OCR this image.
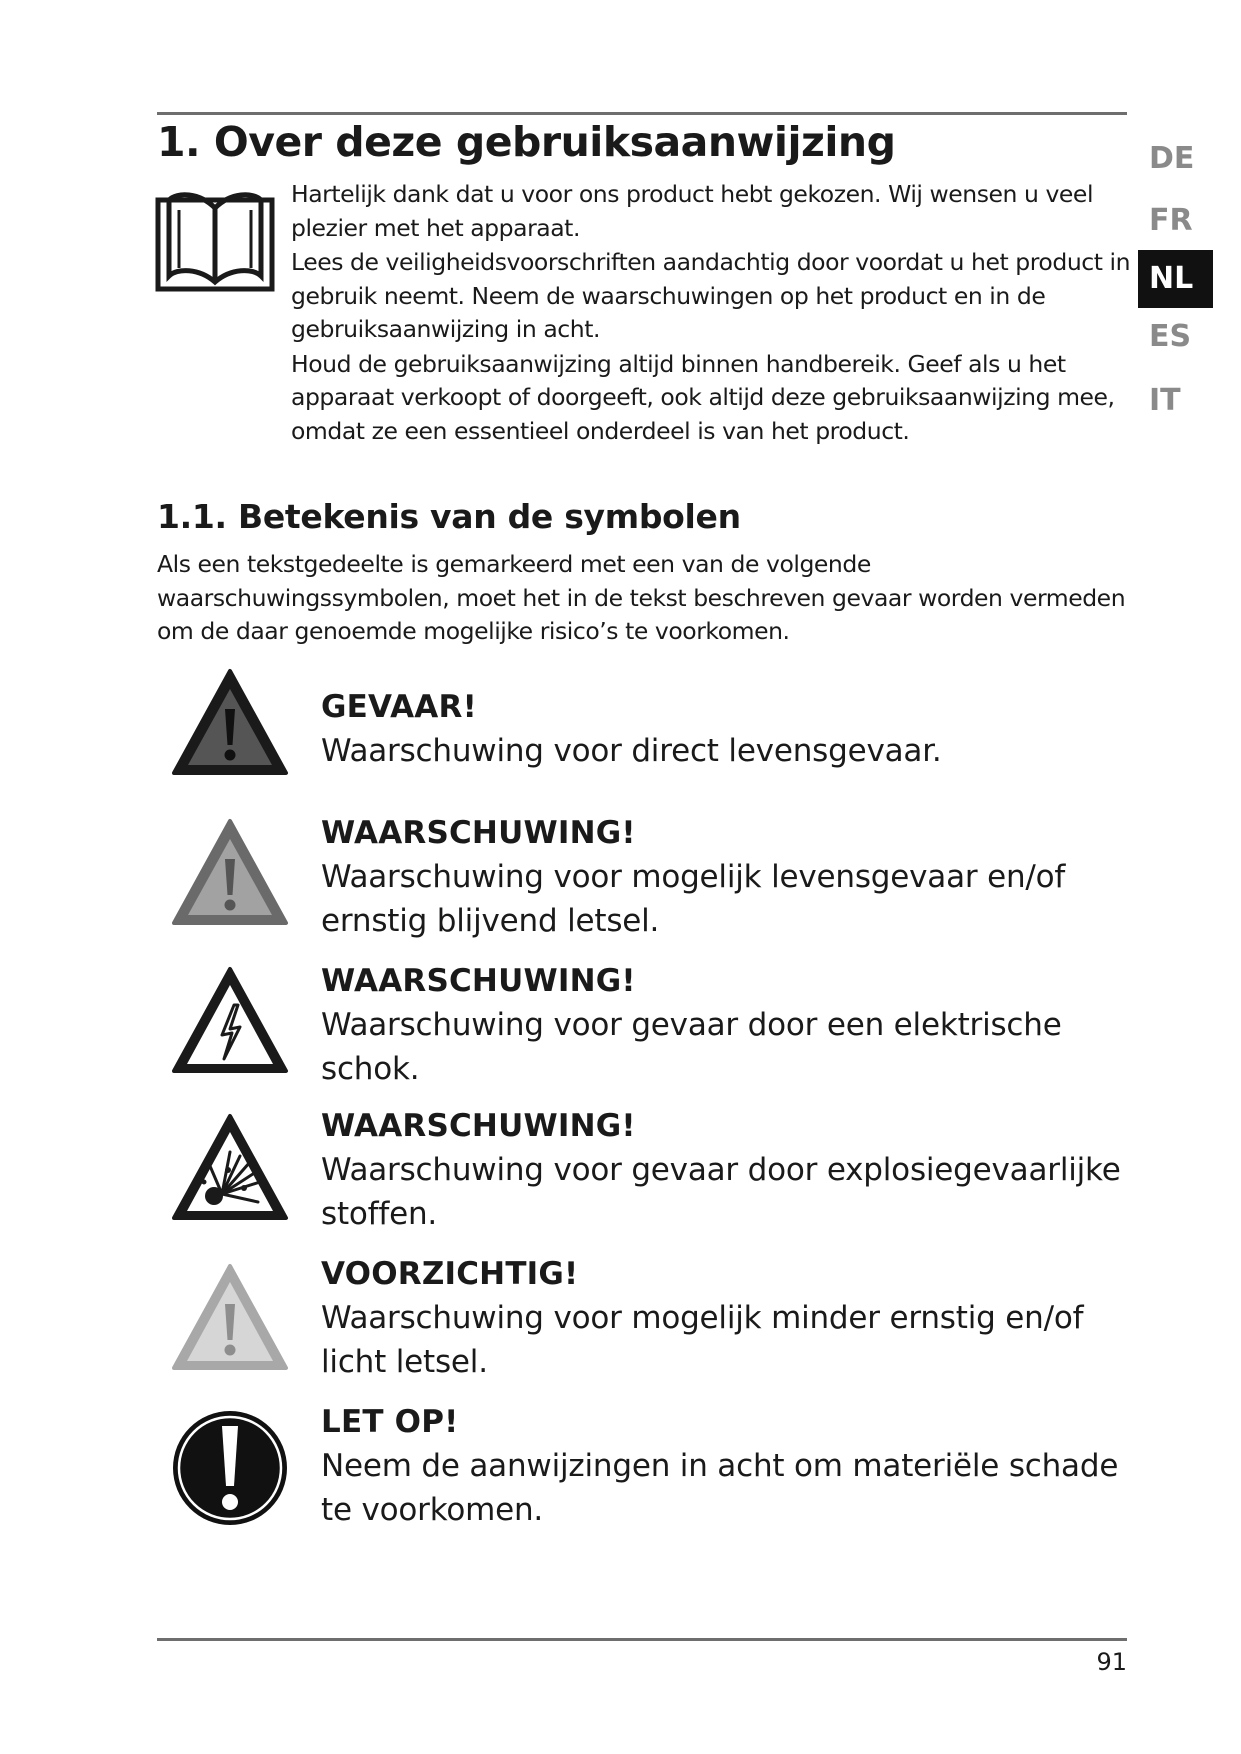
1. Over deze gebruiksaanwijzing

Hartelijk dank dat u voor ons product hebt gekozen. Wij wensen u veel plezier met het apparaat.

Lees de veiligheidsvoorschriften aandachtig door voordat u het product in gebruik neemt. Neem de waarschuwingen op het product en in de gebruiksaanwijzing in acht.

Houd de gebruiksaanwijzing altijd binnen handbereik. Geef als u het apparaat verkoopt of doorgeeft, ook altijd deze gebruiksaanwijzing mee, omdat ze een essentieel onderdeel is van het product.

DE
FR
NL
ES
IT
1.1. Betekenis van de symbolen

Als een tekstgedeelte is gemarkeerd met een van de volgende waarschuwingssymbolen, moet het in de tekst beschreven gevaar worden vermeden om de daar genoemde mogelijke risico’s te voorkomen.

GEVAAR!

Waarschuwing voor direct levensgevaar.

WAARSCHUWING!

Waarschuwing voor mogelijk levensgevaar en/of ernstig blijvend letsel.

WAARSCHUWING!

Waarschuwing voor gevaar door een elektrische schok.

WAARSCHUWING!

Waarschuwing voor gevaar door explosiegevaarlijke stoffen.

VOORZICHTIG!

Waarschuwing voor mogelijk minder ernstig en/of licht letsel.

LET OP!

Neem de aanwijzingen in acht om materiële schade te voorkomen.

91
